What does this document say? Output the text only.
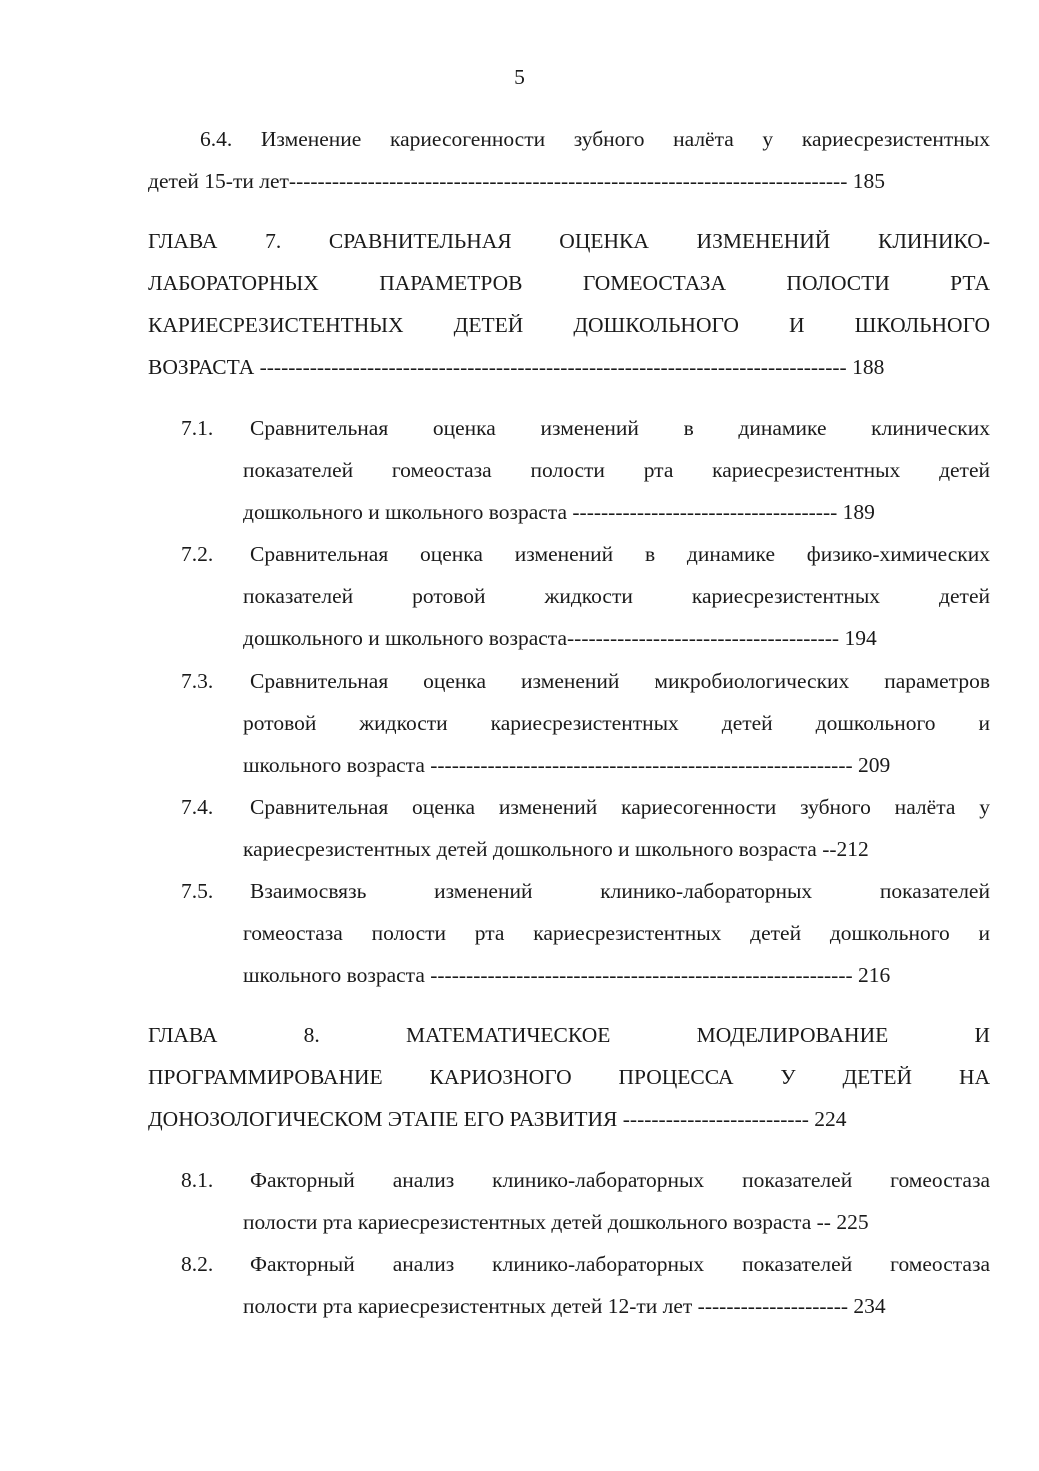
5
6.4. Изменение кариесогенности зубного налёта у кариесрезистентных
детей 15-ти лет------------------------------------------------------------------------------ 185
ГЛАВА 7. СРАВНИТЕЛЬНАЯ ОЦЕНКА ИЗМЕНЕНИЙ КЛИНИКО-
ЛАБОРАТОРНЫХ ПАРАМЕТРОВ ГОМЕОСТАЗА ПОЛОСТИ РТА
КАРИЕСРЕЗИСТЕНТНЫХ ДЕТЕЙ ДОШКОЛЬНОГО И ШКОЛЬНОГО
ВОЗРАСТА ---------------------------------------------------------------------------------- 188
7.1. Сравнительная оценка изменений в динамике клинических
показателей гомеостаза полости рта кариесрезистентных детей
дошкольного и школьного возраста ------------------------------------- 189
7.2. Сравнительная оценка изменений в динамике физико-химических
показателей ротовой жидкости кариесрезистентных детей
дошкольного и школьного возраста-------------------------------------- 194
7.3. Сравнительная оценка изменений микробиологических параметров
ротовой жидкости кариесрезистентных детей дошкольного и
школьного возраста ----------------------------------------------------------- 209
7.4. Сравнительная оценка изменений кариесогенности зубного налёта у
кариесрезистентных детей дошкольного и школьного возраста --212
7.5. Взаимосвязь изменений клинико-лабораторных показателей
гомеостаза полости рта кариесрезистентных детей дошкольного и
школьного возраста ----------------------------------------------------------- 216
ГЛАВА 8. МАТЕМАТИЧЕСКОЕ МОДЕЛИРОВАНИЕ И
ПРОГРАММИРОВАНИЕ КАРИОЗНОГО ПРОЦЕССА У ДЕТЕЙ НА
ДОНОЗОЛОГИЧЕСКОМ ЭТАПЕ ЕГО РАЗВИТИЯ -------------------------- 224
8.1. Факторный анализ клинико-лабораторных показателей гомеостаза
полости рта кариесрезистентных детей дошкольного возраста -- 225
8.2. Факторный анализ клинико-лабораторных показателей гомеостаза
полости рта кариесрезистентных детей 12-ти лет --------------------- 234
